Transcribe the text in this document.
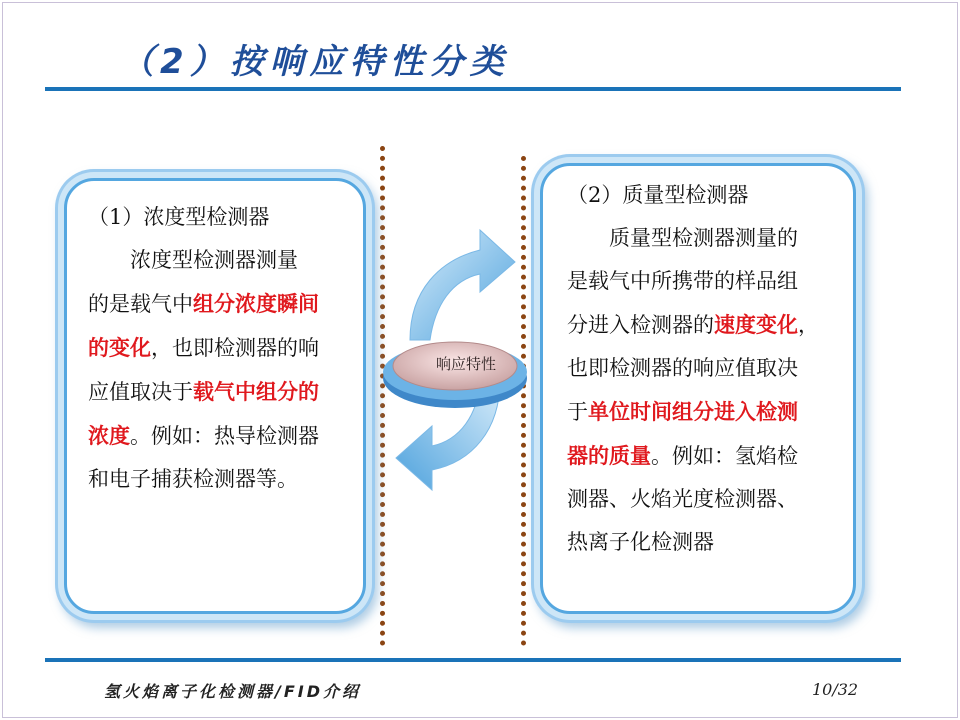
（2）按响应特性分类

（1）浓度型检测器

　　浓度型检测器测量

的是载气中组分浓度瞬间

的变化，也即检测器的响

应值取决于载气中组分的

浓度。例如：热导检测器

和电子捕获检测器等。

（2）质量型检测器

　　质量型检测器测量的

是载气中所携带的样品组

分进入检测器的速度变化，

也即检测器的响应值取决

于单位时间组分进入检测

器的质量。例如：氢焰检

测器、火焰光度检测器、

热离子化检测器

响应特性
氢火焰离子化检测器/FID介绍	10/32
